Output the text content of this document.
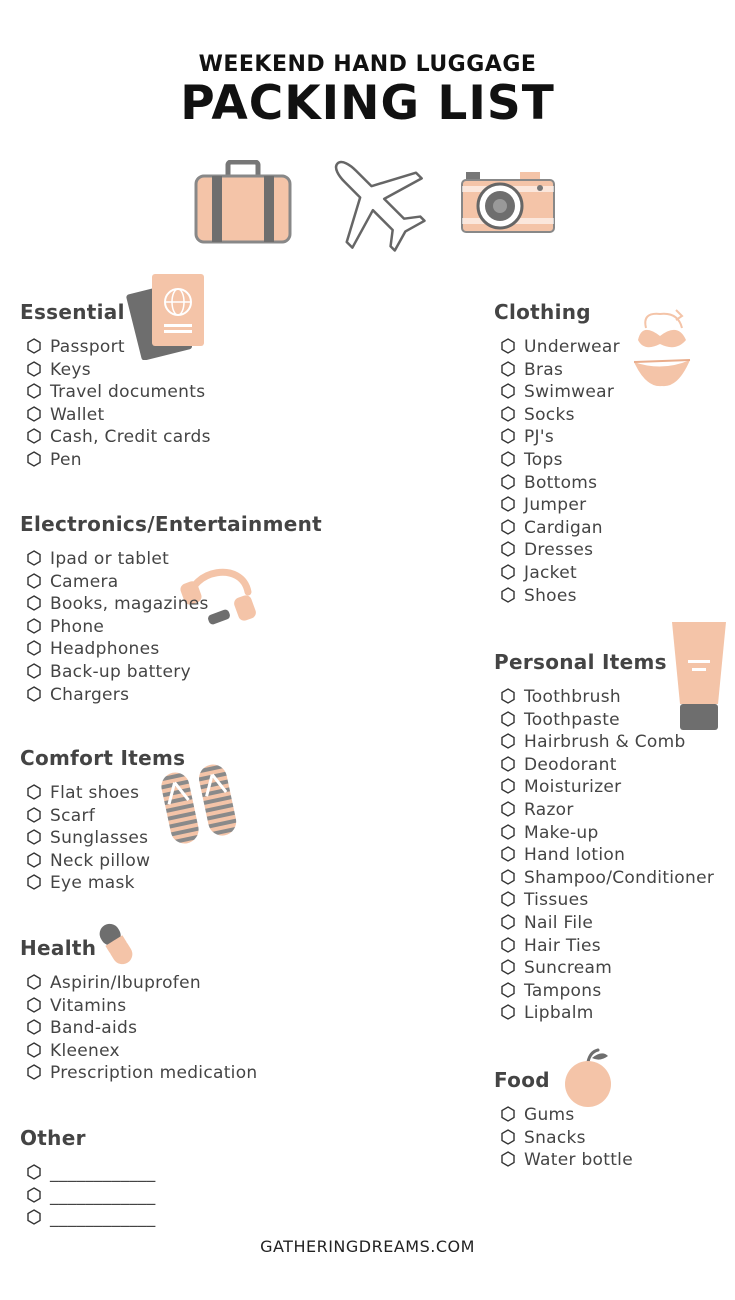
WEEKEND HAND LUGGAGE
PACKING LIST
Essential
Passport
Keys
Travel documents
Wallet
Cash, Credit cards
Pen
Electronics/Entertainment
Ipad or tablet
Camera
Books, magazines
Phone
Headphones
Back-up battery
Chargers
Comfort Items
Flat shoes
Scarf
Sunglasses
Neck pillow
Eye mask
Health
Aspirin/Ibuprofen
Vitamins
Band-aids
Kleenex
Prescription medication
Other
____________
____________
____________
Clothing
Underwear
Bras
Swimwear
Socks
PJ's
Tops
Bottoms
Jumper
Cardigan
Dresses
Jacket
Shoes
Personal Items
Toothbrush
Toothpaste
Hairbrush & Comb
Deodorant
Moisturizer
Razor
Make-up
Hand lotion
Shampoo/Conditioner
Tissues
Nail File
Hair Ties
Suncream
Tampons
Lipbalm
Food
Gums
Snacks
Water bottle
GATHERINGDREAMS.COM
